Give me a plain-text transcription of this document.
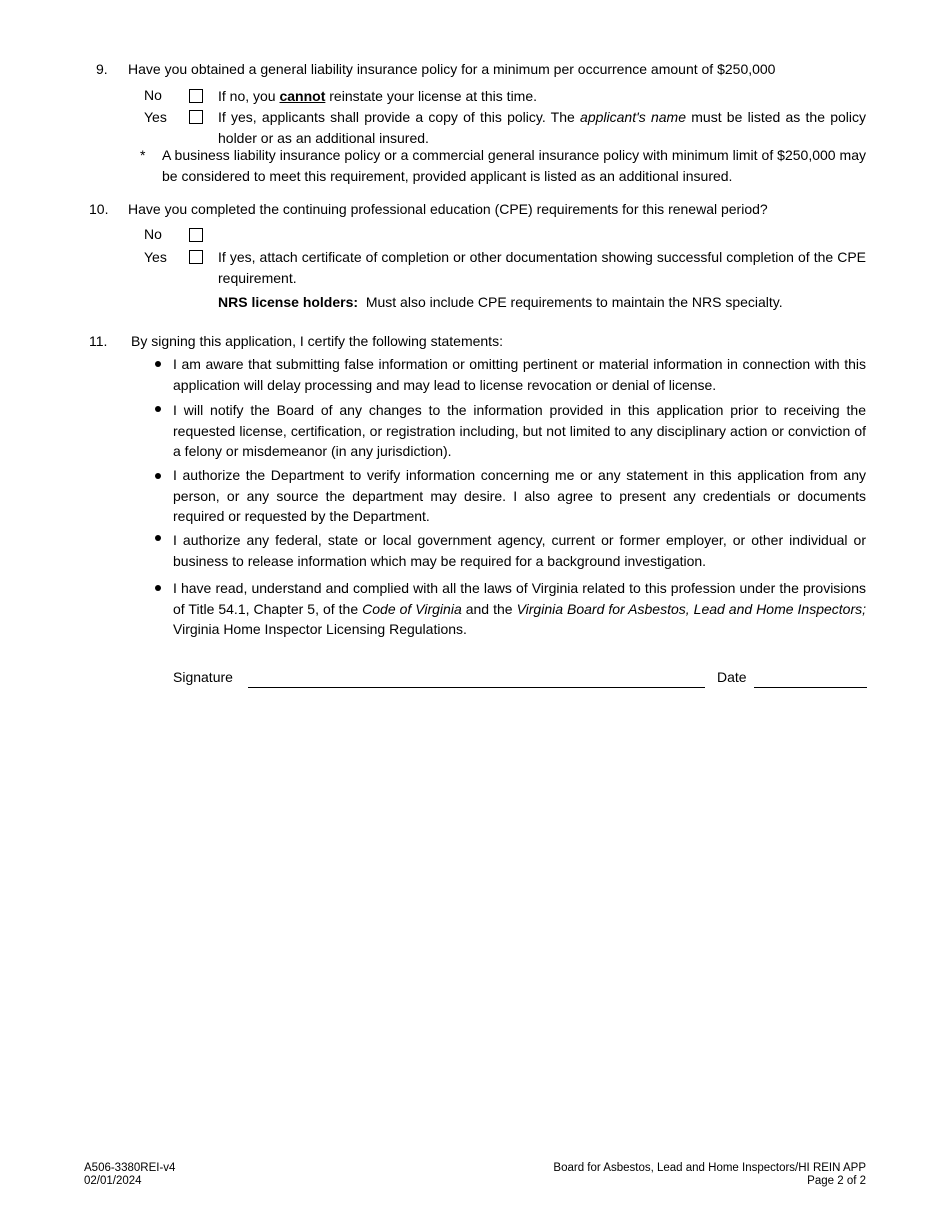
9. Have you obtained a general liability insurance policy for a minimum per occurrence amount of $250,000
No	If no, you cannot reinstate your license at this time.
Yes	If yes, applicants shall provide a copy of this policy. The applicant's name must be listed as the policy holder or as an additional insured.
* A business liability insurance policy or a commercial general insurance policy with minimum limit of $250,000 may be considered to meet this requirement, provided applicant is listed as an additional insured.
10. Have you completed the continuing professional education (CPE) requirements for this renewal period?
No
Yes	If yes, attach certificate of completion or other documentation showing successful completion of the CPE requirement.
NRS license holders:  Must also include CPE requirements to maintain the NRS specialty.
11. By signing this application, I certify the following statements:
I am aware that submitting false information or omitting pertinent or material information in connection with this application will delay processing and may lead to license revocation or denial of license.
I will notify the Board of any changes to the information provided in this application prior to receiving the requested license, certification, or registration including, but not limited to any disciplinary action or conviction of a felony or misdemeanor (in any jurisdiction).
I authorize the Department to verify information concerning me or any statement in this application from any person, or any source the department may desire. I also agree to present any credentials or documents required or requested by the Department.
I authorize any federal, state or local government agency, current or former employer, or other individual or business to release information which may be required for a background investigation.
I have read, understand and complied with all the laws of Virginia related to this profession under the provisions of Title 54.1, Chapter 5, of the Code of Virginia and the Virginia Board for Asbestos, Lead and Home Inspectors; Virginia Home Inspector Licensing Regulations.
Signature	Date
A506-3380REI-v4
02/01/2024
Board for Asbestos, Lead and Home Inspectors/HI REIN APP
Page 2 of 2
